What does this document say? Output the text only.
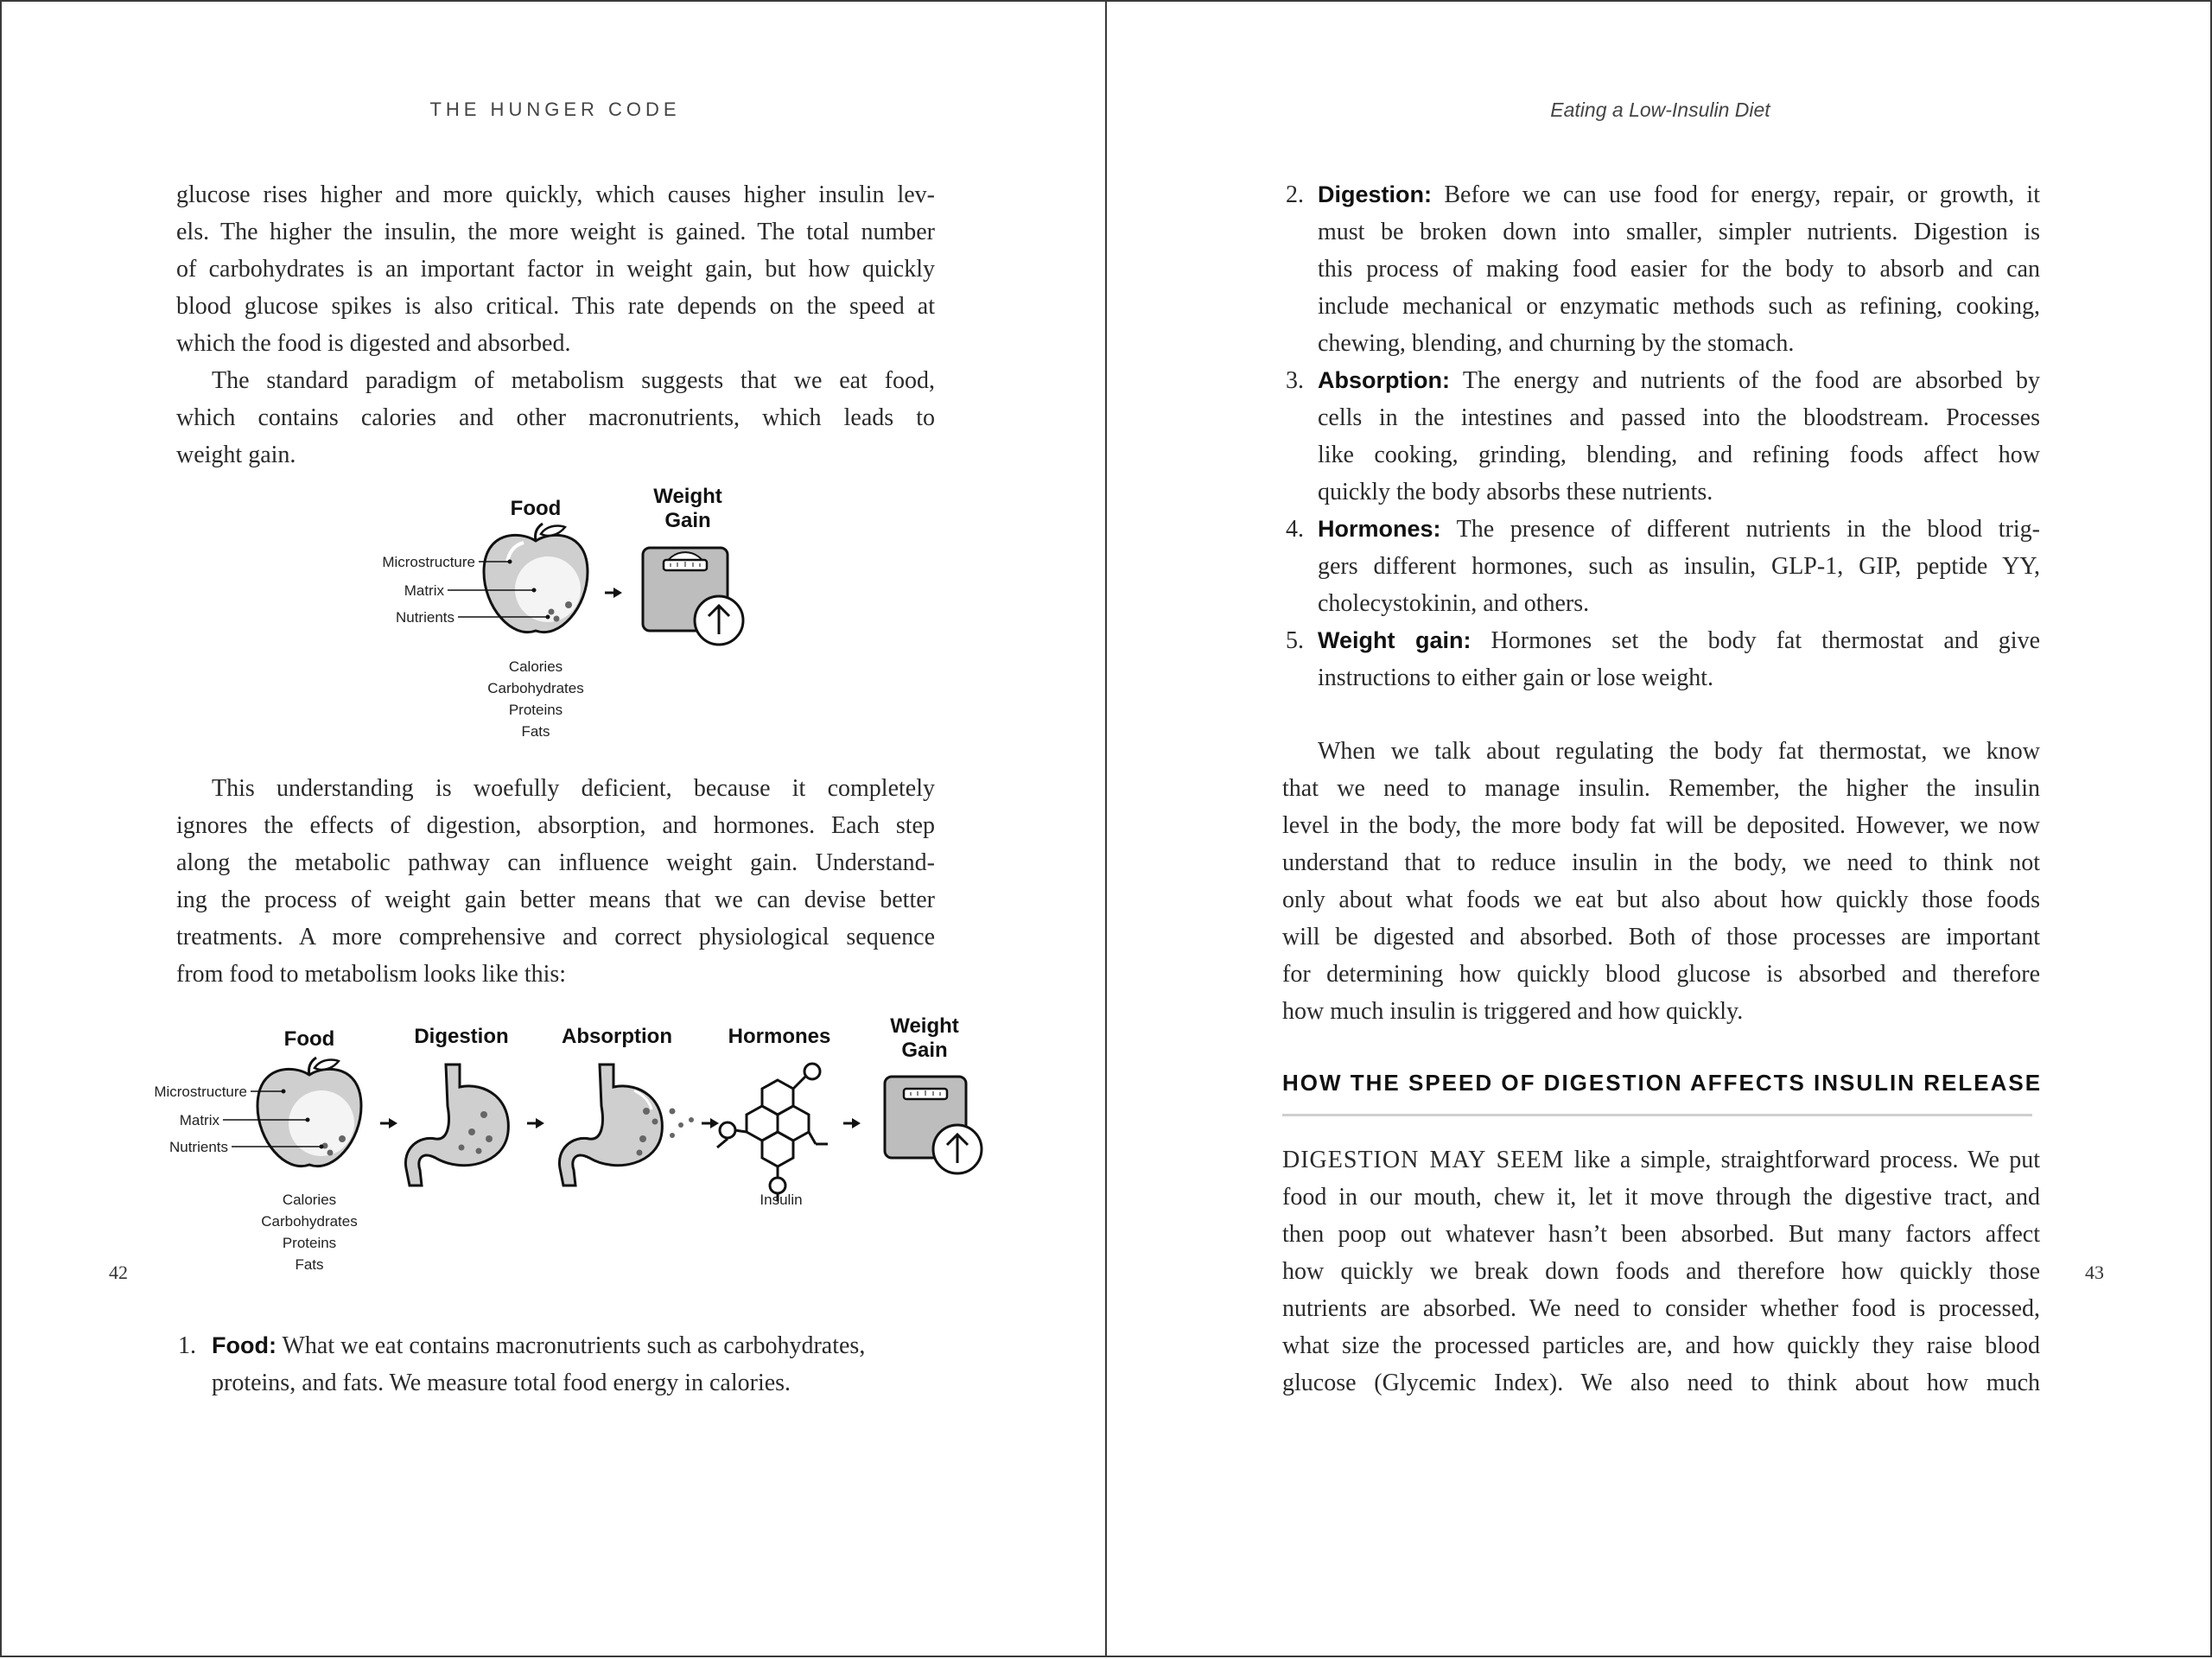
THE HUNGER CODE
glucose rises higher and more quickly, which causes higher insulin lev-
els. The higher the insulin, the more weight is gained. The total number
of carbohydrates is an important factor in weight gain, but how quickly
blood glucose spikes is also critical. This rate depends on the speed at
which the food is digested and absorbed.
The standard paradigm of metabolism suggests that we eat food,
which contains calories and other macronutrients, which leads to
weight gain.
Food
Weight
Gain
Microstructure
Matrix
Nutrients
Calories
Carbohydrates
Proteins
Fats
This understanding is woefully deficient, because it completely
ignores the effects of digestion, absorption, and hormones. Each step
along the metabolic pathway can influence weight gain. Understand-
ing the process of weight gain better means that we can devise better
treatments. A more comprehensive and correct physiological sequence
from food to metabolism looks like this:
Food	Digestion	Absorption	Hormones	Weight
Gain
Microstructure
Matrix
Nutrients
Calories
Carbohydrates
Proteins
Fats
Insulin
42
1. Food: What we eat contains macronutrients such as carbohydrates,
proteins, and fats. We measure total food energy in calories.
Eating a Low-Insulin Diet
2. Digestion: Before we can use food for energy, repair, or growth, it
must be broken down into smaller, simpler nutrients. Digestion is
this process of making food easier for the body to absorb and can
include mechanical or enzymatic methods such as refining, cooking,
chewing, blending, and churning by the stomach.
3. Absorption: The energy and nutrients of the food are absorbed by
cells in the intestines and passed into the bloodstream. Processes
like cooking, grinding, blending, and refining foods affect how
quickly the body absorbs these nutrients.
4. Hormones: The presence of different nutrients in the blood trig-
gers different hormones, such as insulin, GLP-1, GIP, peptide YY,
cholecystokinin, and others.
5. Weight gain: Hormones set the body fat thermostat and give
instructions to either gain or lose weight.
When we talk about regulating the body fat thermostat, we know
that we need to manage insulin. Remember, the higher the insulin
level in the body, the more body fat will be deposited. However, we now
understand that to reduce insulin in the body, we need to think not
only about what foods we eat but also about how quickly those foods
will be digested and absorbed. Both of those processes are important
for determining how quickly blood glucose is absorbed and therefore
how much insulin is triggered and how quickly.
HOW THE SPEED OF DIGESTION AFFECTS INSULIN RELEASE
DIGESTION MAY SEEM like a simple, straightforward process. We put
food in our mouth, chew it, let it move through the digestive tract, and
then poop out whatever hasn’t been absorbed. But many factors affect
how quickly we break down foods and therefore how quickly those
nutrients are absorbed. We need to consider whether food is processed,
what size the processed particles are, and how quickly they raise blood
glucose (Glycemic Index). We also need to think about how much
43
